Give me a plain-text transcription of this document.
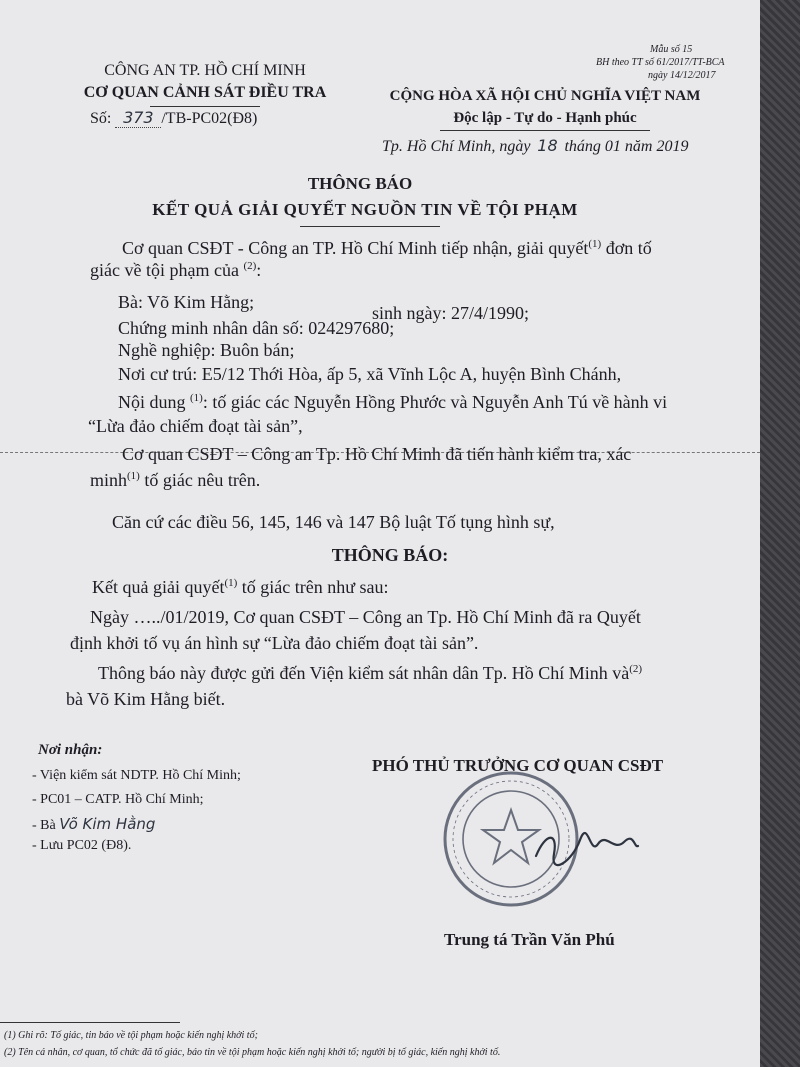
Mẫu số 15
BH theo TT số 61/2017/TT-BCA
ngày 14/12/2017
CÔNG AN TP. HỒ CHÍ MINH
CƠ QUAN CẢNH SÁT ĐIỀU TRA
Số: 373 /TB-PC02(Đ8)
CỘNG HÒA XÃ HỘI CHỦ NGHĨA VIỆT NAM
Độc lập - Tự do - Hạnh phúc
Tp. Hồ Chí Minh, ngày 18 tháng 01 năm 2019
THÔNG BÁO
KẾT QUẢ GIẢI QUYẾT NGUỒN TIN VỀ TỘI PHẠM
Cơ quan CSĐT - Công an TP. Hồ Chí Minh tiếp nhận, giải quyết$^{(1)}$ đơn tố
giác về tội phạm của $^{(2)}$:
Bà: Võ Kim Hằng;
sinh ngày: 27/4/1990;
Chứng minh nhân dân số: 024297680;
Nghề nghiệp: Buôn bán;
Nơi cư trú: E5/12 Thới Hòa, ấp 5, xã Vĩnh Lộc A, huyện Bình Chánh,
Nội dung $^{(1)}$: tố giác các Nguyễn Hồng Phước và Nguyễn Anh Tú về hành vi
“Lừa đảo chiếm đoạt tài sản”,
Cơ quan CSĐT – Công an Tp. Hồ Chí Minh đã tiến hành kiểm tra, xác
minh$^{(1)}$ tố giác nêu trên.
Căn cứ các điều 56, 145, 146 và 147 Bộ luật Tố tụng hình sự,
THÔNG BÁO:
Kết quả giải quyết$^{(1)}$ tố giác trên như sau:
Ngày …../01/2019, Cơ quan CSĐT – Công an Tp. Hồ Chí Minh đã ra Quyết
định khởi tố vụ án hình sự “Lừa đảo chiếm đoạt tài sản”.
Thông báo này được gửi đến Viện kiểm sát nhân dân Tp. Hồ Chí Minh $và^{(2)}$
bà Võ Kim Hằng biết.
Nơi nhận:
- Viện kiểm sát NDTP. Hồ Chí Minh;
- PC01 – CATP. Hồ Chí Minh;
- Bà Võ Kim Hằng
- Lưu PC02 (Đ8).
PHÓ THỦ TRƯỞNG CƠ QUAN CSĐT
Trung tá Trần Văn Phú
(1) Ghi rõ: Tố giác, tin báo về tội phạm hoặc kiến nghị khởi tố;
(2) Tên cá nhân, cơ quan, tổ chức đã tố giác, báo tin về tội phạm hoặc kiến nghị khởi tố; người bị tố giác, kiến nghị khởi tố.
